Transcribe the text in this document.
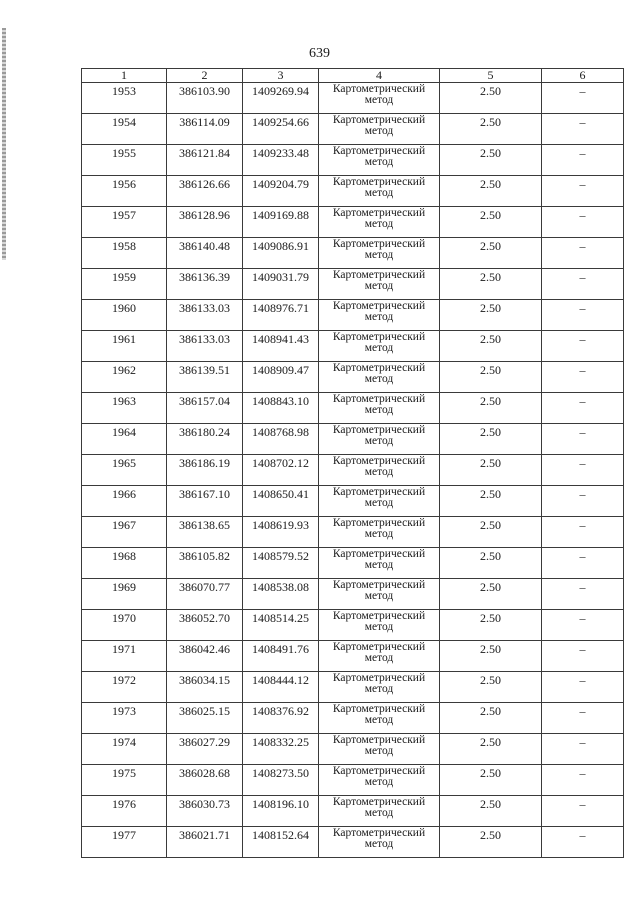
639
1	2	3	4	5	6
1953	386103.90	1409269.94	Картометрический метод	2.50	–
1954	386114.09	1409254.66	Картометрический метод	2.50	–
1955	386121.84	1409233.48	Картометрический метод	2.50	–
1956	386126.66	1409204.79	Картометрический метод	2.50	–
1957	386128.96	1409169.88	Картометрический метод	2.50	–
1958	386140.48	1409086.91	Картометрический метод	2.50	–
1959	386136.39	1409031.79	Картометрический метод	2.50	–
1960	386133.03	1408976.71	Картометрический метод	2.50	–
1961	386133.03	1408941.43	Картометрический метод	2.50	–
1962	386139.51	1408909.47	Картометрический метод	2.50	–
1963	386157.04	1408843.10	Картометрический метод	2.50	–
1964	386180.24	1408768.98	Картометрический метод	2.50	–
1965	386186.19	1408702.12	Картометрический метод	2.50	–
1966	386167.10	1408650.41	Картометрический метод	2.50	–
1967	386138.65	1408619.93	Картометрический метод	2.50	–
1968	386105.82	1408579.52	Картометрический метод	2.50	–
1969	386070.77	1408538.08	Картометрический метод	2.50	–
1970	386052.70	1408514.25	Картометрический метод	2.50	–
1971	386042.46	1408491.76	Картометрический метод	2.50	–
1972	386034.15	1408444.12	Картометрический метод	2.50	–
1973	386025.15	1408376.92	Картометрический метод	2.50	–
1974	386027.29	1408332.25	Картометрический метод	2.50	–
1975	386028.68	1408273.50	Картометрический метод	2.50	–
1976	386030.73	1408196.10	Картометрический метод	2.50	–
1977	386021.71	1408152.64	Картометрический метод	2.50	–
